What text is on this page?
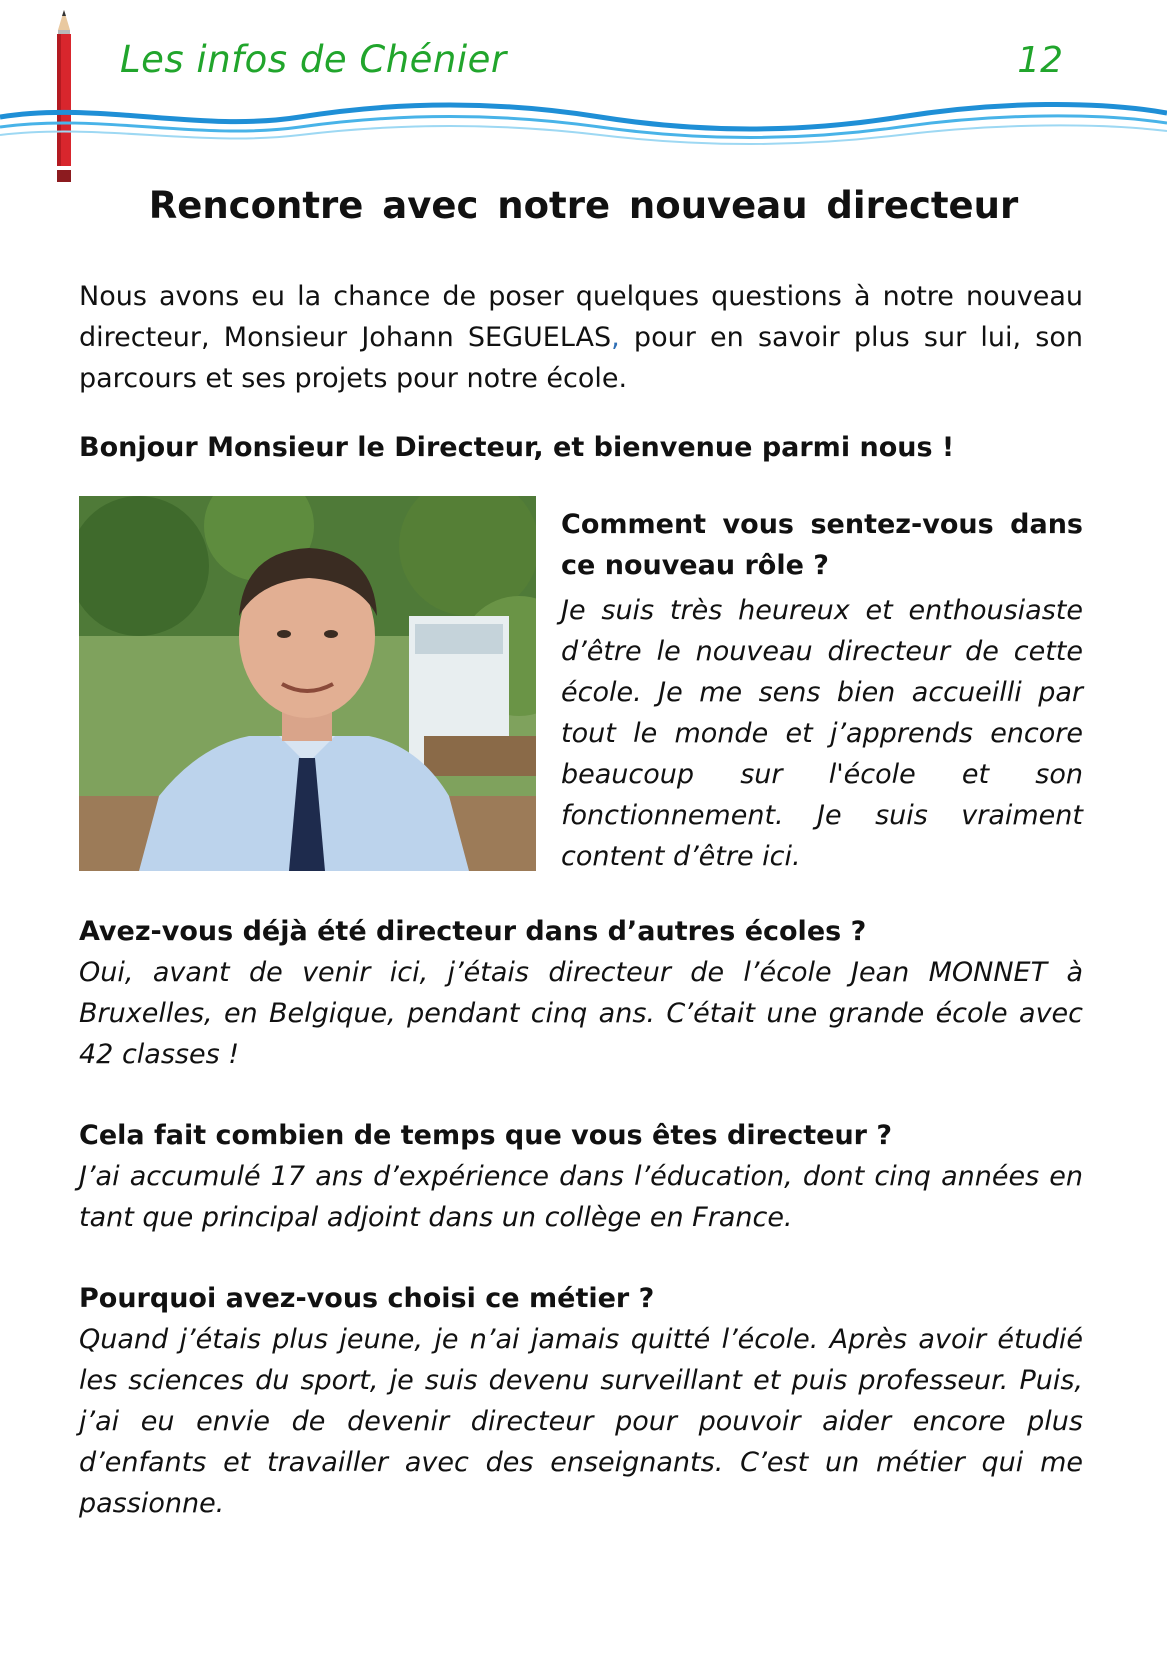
Les infos de Chénier	12
Rencontre avec notre nouveau directeur

Nous avons eu la chance de poser quelques questions à notre nouveau directeur, Monsieur Johann SEGUELAS, pour en savoir plus sur lui, son parcours et ses projets pour notre école.

Bonjour Monsieur le Directeur, et bienvenue parmi nous !

Comment vous sentez-vous dans ce nouveau rôle ?

Je suis très heureux et enthousiaste d’être le nouveau directeur de cette école. Je me sens bien accueilli par tout le monde et j’apprends encore beaucoup sur l'école et son fonctionnement. Je suis vraiment content d’être ici.

Avez-vous déjà été directeur dans d’autres écoles ?

Oui, avant de venir ici, j’étais directeur de l’école Jean MONNET à Bruxelles, en Belgique, pendant cinq ans. C’était une grande école avec 42 classes !

Cela fait combien de temps que vous êtes directeur ?

J’ai accumulé 17 ans d’expérience dans l’éducation, dont cinq années en tant que principal adjoint dans un collège en France.

Pourquoi avez-vous choisi ce métier ?

Quand j’étais plus jeune, je n’ai jamais quitté l’école. Après avoir étudié les sciences du sport, je suis devenu surveillant et puis professeur. Puis, j’ai eu envie de devenir directeur pour pouvoir aider encore plus d’enfants et travailler avec des enseignants. C’est un métier qui me passionne.
